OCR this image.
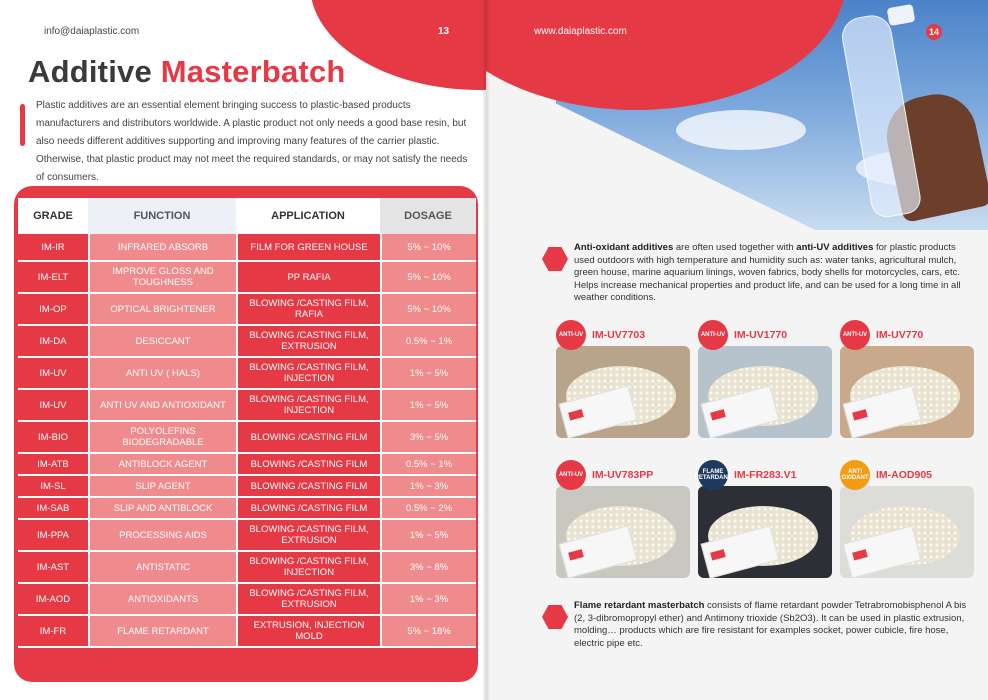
info@daiaplastic.com	13
Additive Masterbatch
Plastic additives are an essential element bringing success to plastic-based products manufacturers and distributors worldwide. A plastic product not only needs a good base resin, but also needs different additives supporting and improving many features of the carrier plastic. Otherwise, that plastic product may not meet the required standards, or may not satisfy the needs of consumers.
GRADE	FUNCTION	APPLICATION	DOSAGE
IM-IR	INFRARED ABSORB	FILM FOR GREEN HOUSE	5% ~ 10%
IM-ELT	IMPROVE GLOSS AND TOUGHNESS	PP RAFIA	5% ~ 10%
IM-OP	OPTICAL BRIGHTENER	BLOWING /CASTING FILM, RAFIA	5% ~ 10%
IM-DA	DESICCANT	BLOWING /CASTING FILM, EXTRUSION	0.5% ~ 1%
IM-UV	ANTI UV ( HALS)	BLOWING /CASTING FILM, INJECTION	1% ~ 5%
IM-UV	ANTI UV AND ANTIOXIDANT	BLOWING /CASTING FILM, INJECTION	1% ~ 5%
IM-BIO	POLYOLEFINS BIODEGRADABLE	BLOWING /CASTING FILM	3% ~ 5%
IM-ATB	ANTIBLOCK AGENT	BLOWING /CASTING FILM	0.5% ~ 1%
IM-SL	SLIP AGENT	BLOWING /CASTING FILM	1% ~ 3%
IM-SAB	SLIP AND ANTIBLOCK	BLOWING /CASTING FILM	0.5% ~ 2%
IM-PPA	PROCESSING AIDS	BLOWING /CASTING FILM, EXTRUSION	1% ~ 5%
IM-AST	ANTISTATIC	BLOWING /CASTING FILM, INJECTION	3% ~ 8%
IM-AOD	ANTIOXIDANTS	BLOWING /CASTING FILM, EXTRUSION	1% ~ 3%
IM-FR	FLAME RETARDANT	EXTRUSION, INJECTION MOLD	5% ~ 18%
www.daiaplastic.com	14
Anti-oxidant additives are often used together with anti-UV additives for plastic products used outdoors with high temperature and humidity such as: water tanks, agricultural mulch, green house, marine aquarium linings, woven fabrics, body shells for motorcycles, cars, etc. Helps increase mechanical properties and product life, and can be used for a long time in all weather conditions.
ANTI-UV IM-UV7703	ANTI-UV IM-UV1770	ANTI-UV IM-UV770
ANTI-UV IM-UV783PP	FLAME RETARDANT IM-FR283.V1	ANTI OXIDANT IM-AOD905
Flame retardant masterbatch consists of flame retardant powder Tetrabromobisphenol A bis (2, 3-dibromopropyl ether) and Antimony trioxide (Sb2O3). It can be used in plastic extrusion, molding… products which are fire resistant for examples socket, power cubicle, fire hose, electric pipe etc.
